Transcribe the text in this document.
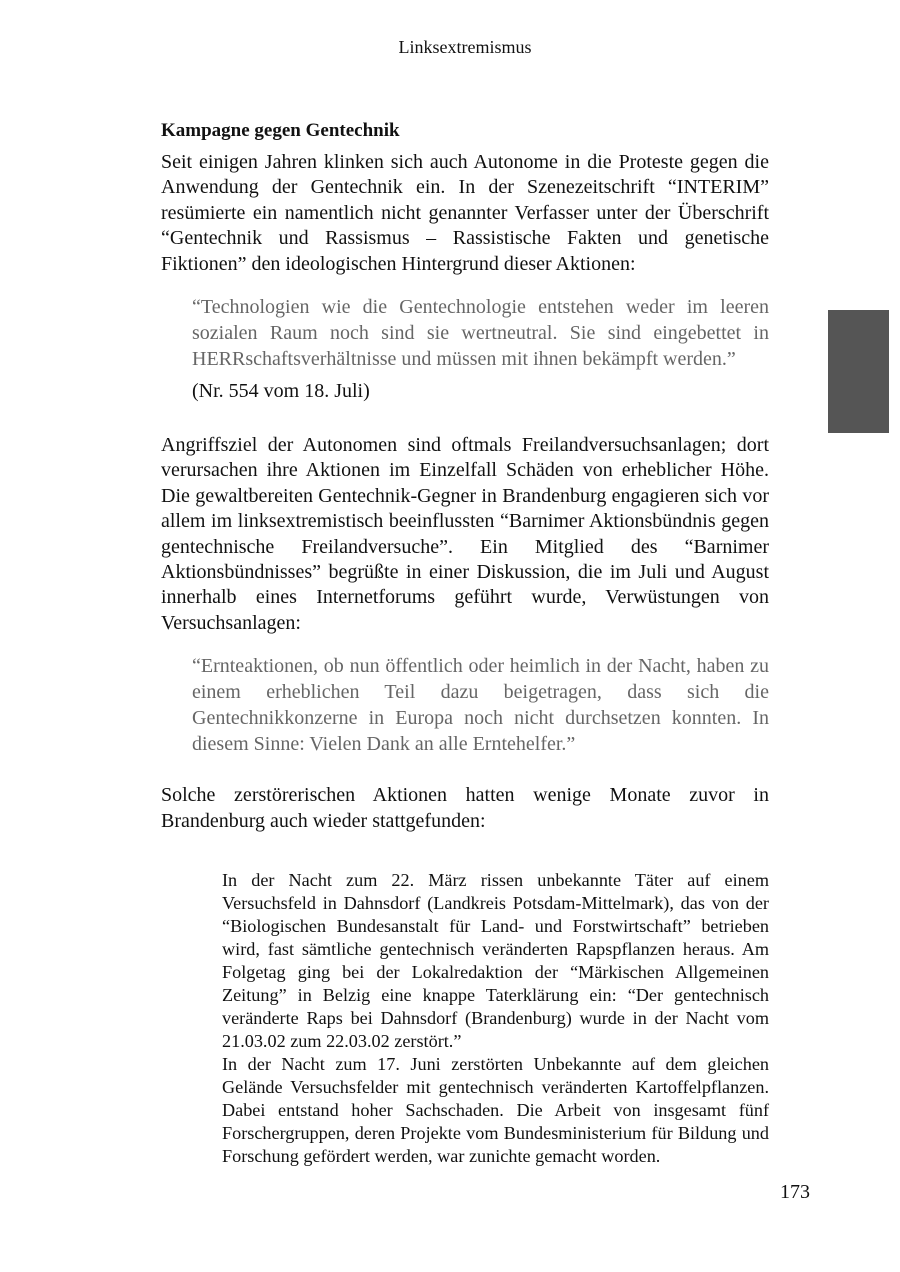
Linksextremismus
Kampagne gegen Gentechnik

Seit einigen Jahren klinken sich auch Autonome in die Proteste gegen die Anwendung der Gentechnik ein. In der Szenezeitschrift “INTERIM” resümierte ein namentlich nicht genannter Verfasser unter der Überschrift “Gentechnik und Rassismus – Rassistische Fakten und genetische Fiktionen” den ideologischen Hintergrund dieser Aktionen:

“Technologien wie die Gentechnologie entstehen weder im leeren sozialen Raum noch sind sie wertneutral. Sie sind eingebettet in HERRschaftsverhältnisse und müssen mit ihnen bekämpft werden.”

(Nr. 554 vom 18. Juli)

Angriffsziel der Autonomen sind oftmals Freilandversuchsanlagen; dort verursachen ihre Aktionen im Einzelfall Schäden von erheblicher Höhe. Die gewaltbereiten Gentechnik-Gegner in Brandenburg engagieren sich vor allem im linksextremistisch beeinflussten “Barnimer Aktionsbündnis gegen gentechnische Freilandversuche”. Ein Mitglied des “Barnimer Aktionsbündnisses” begrüßte in einer Diskussion, die im Juli und August innerhalb eines Internetforums geführt wurde, Verwüstungen von Versuchsanlagen:

“Ernteaktionen, ob nun öffentlich oder heimlich in der Nacht, haben zu einem erheblichen Teil dazu beigetragen, dass sich die Gentechnikkonzerne in Europa noch nicht durchsetzen konnten. In diesem Sinne: Vielen Dank an alle Erntehelfer.”

Solche zerstörerischen Aktionen hatten wenige Monate zuvor in Brandenburg auch wieder stattgefunden:

In der Nacht zum 22. März rissen unbekannte Täter auf einem Versuchsfeld in Dahnsdorf (Landkreis Potsdam-Mittelmark), das von der “Biologischen Bundesanstalt für Land- und Forstwirtschaft” betrieben wird, fast sämtliche gentechnisch veränderten Rapspflanzen heraus. Am Folgetag ging bei der Lokalredaktion der “Märkischen Allgemeinen Zeitung” in Belzig eine knappe Taterklärung ein: “Der gentechnisch veränderte Raps bei Dahnsdorf (Brandenburg) wurde in der Nacht vom 21.03.02 zum 22.03.02 zerstört.”

In der Nacht zum 17. Juni zerstörten Unbekannte auf dem gleichen Gelände Versuchsfelder mit gentechnisch veränderten Kartoffelpflanzen. Dabei entstand hoher Sachschaden. Die Arbeit von insgesamt fünf Forschergruppen, deren Projekte vom Bundesministerium für Bildung und Forschung gefördert werden, war zunichte gemacht worden.

173
